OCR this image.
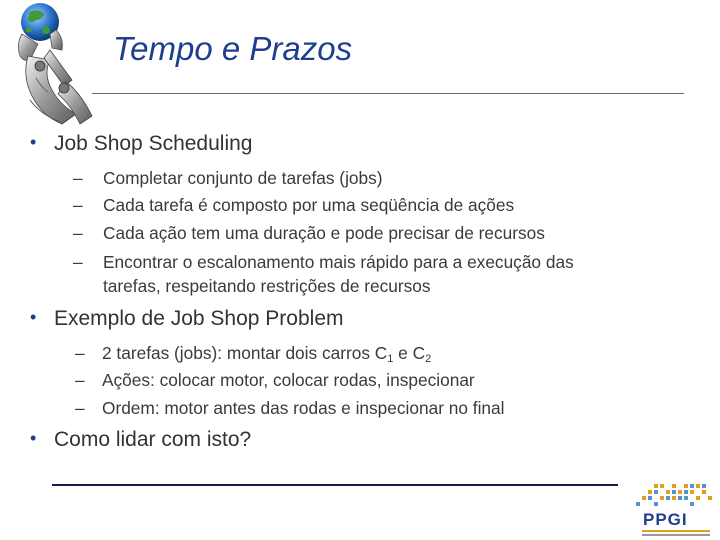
Tempo e Prazos
• Job Shop Scheduling
– Completar conjunto de tarefas (jobs)
– Cada tarefa é composto por uma seqüência de ações
– Cada ação tem uma duração e pode precisar de recursos
– Encontrar o escalonamento mais rápido para a execução das
tarefas, respeitando restrições de recursos
• Exemplo de Job Shop Problem
– 2 tarefas (jobs): montar dois carros $C_1$ e $C_2$
– Ações: colocar motor, colocar rodas, inspecionar
– Ordem: motor antes das rodas e inspecionar no final
• Como lidar com isto?
PPGI
